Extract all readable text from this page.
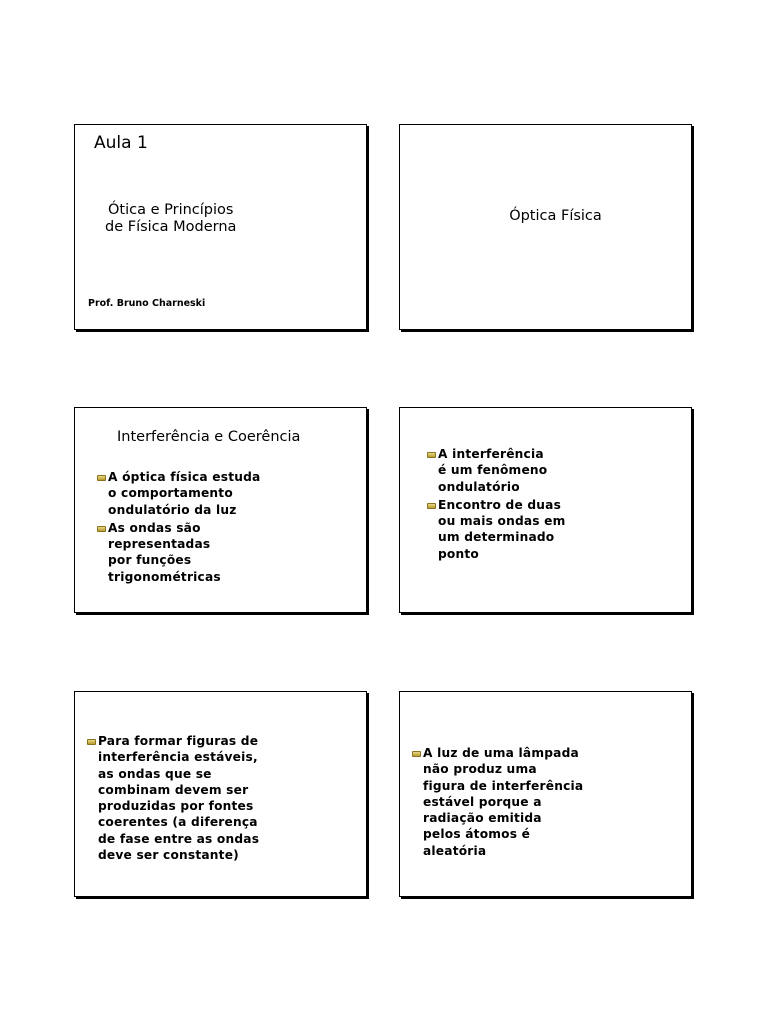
Aula 1
Ótica e Princípios
de Física Moderna
Prof. Bruno Charneski
Óptica Física
Interferência e Coerência
A óptica física estuda
o comportamento
ondulatório da luz
As ondas são
representadas
por funções
trigonométricas
A interferência
é um fenômeno
ondulatório
Encontro de duas
ou mais ondas em
um determinado
ponto
Para formar figuras de
interferência estáveis,
as ondas que se
combinam devem ser
produzidas por fontes
coerentes (a diferença
de fase entre as ondas
deve ser constante)
A luz de uma lâmpada
não produz uma
figura de interferência
estável porque a
radiação emitida
pelos átomos é
aleatória
